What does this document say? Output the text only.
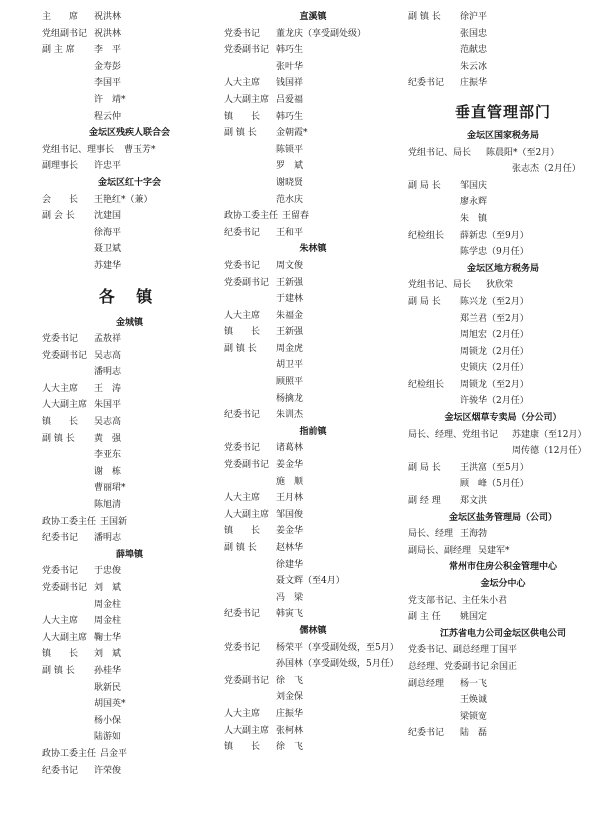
主　　席 祝洪林
党组副书记 祝洪林
副 主 席 李　平
金寿彭
李国平
许　靖*
程云仲
金坛区残疾人联合会
党组书记、理事长 曹玉芳*
副理事长 许忠平
金坛区红十字会
会　　长 王艳红*（兼）
副 会 长 沈建国
徐海平
聂卫斌
苏建华
各 镇
金城镇
党委书记 孟敖祥
党委副书记 吴志高
潘明志
人大主席 王　涛
人大副主席 朱国平
镇　　长 吴志高
副 镇 长 黄　强
李亚东
谢　栋
曹丽珺*
陈旭清
政协工委主任 王国新
纪委书记 潘明志
薛埠镇
党委书记 于忠俊
党委副书记 刘　斌
周金柱
人大主席 周金柱
人大副主席 鞠士华
镇　　长 刘　斌
副 镇 长 孙桂华
耿新民
胡国英*
杨小保
陆游如
政协工委主任 吕金平
纪委书记 许荣俊
直溪镇
党委书记 董龙庆（享受副处级）
党委副书记 韩巧生
张叶华
人大主席 钱国祥
人大副主席 吕爱福
镇　　长 韩巧生
副 镇 长 金朝霞*
陈锁平
罗　斌
谢晓贤
范水庆
政协工委主任 王留春
纪委书记 王和平
朱林镇
党委书记 周文俊
党委副书记 王新强
于建林
人大主席 朱福金
镇　　长 王新强
副 镇 长 周金虎
胡卫平
顾照平
杨擒龙
纪委书记 朱训杰
指前镇
党委书记 诸葛林
党委副书记 姜金华
施　顺
人大主席 王月林
人大副主席 邹国俊
镇　　长 姜金华
副 镇 长 赵林华
徐建华
聂文辉（至4月）
冯　梁
纪委书记 韩寅飞
儒林镇
党委书记 杨荣平（享受副处级，至5月）
孙国林（享受副处级，5月任）
党委副书记 徐　飞
刘金保
人大主席 庄振华
人大副主席 张柯林
镇　　长 徐　飞
副 镇 长 徐沪平
张国忠
范献忠
朱云冰
纪委书记 庄振华
垂直管理部门
金坛区国家税务局
党组书记、局长 陈晨阳*（至2月）
张志杰（2月任）
副 局 长 邹国庆
廖永辉
朱　镇
纪检组长 薛新忠（至9月）
陈学忠（9月任）
金坛区地方税务局
党组书记、局长 狄欣荣
副 局 长 陈兴龙（至2月）
郑兰君（至2月）
周旭宏（2月任）
周锁龙（2月任）
史锁庆（2月任）
纪检组长 周锁龙（至2月）
许骏华（2月任）
金坛区烟草专卖局（分公司）
局长、经理、党组书记 苏建康（至12月）
周传德（12月任）
副 局 长 王洪富（至5月）
顾　峰（5月任）
副 经 理 郑文洪
金坛区盐务管理局（公司）
局长、经理 王海勃
副局长、副经理 吴建军*
常州市住房公积金管理中心
金坛分中心
党支部书记、主任 朱小君
副 主 任 姚国定
江苏省电力公司金坛区供电公司
党委书记、副总经理 丁国平
总经理、党委副书记 余国正
副总经理 杨一飞
王焕诚
梁锁宽
纪委书记 陆　磊
